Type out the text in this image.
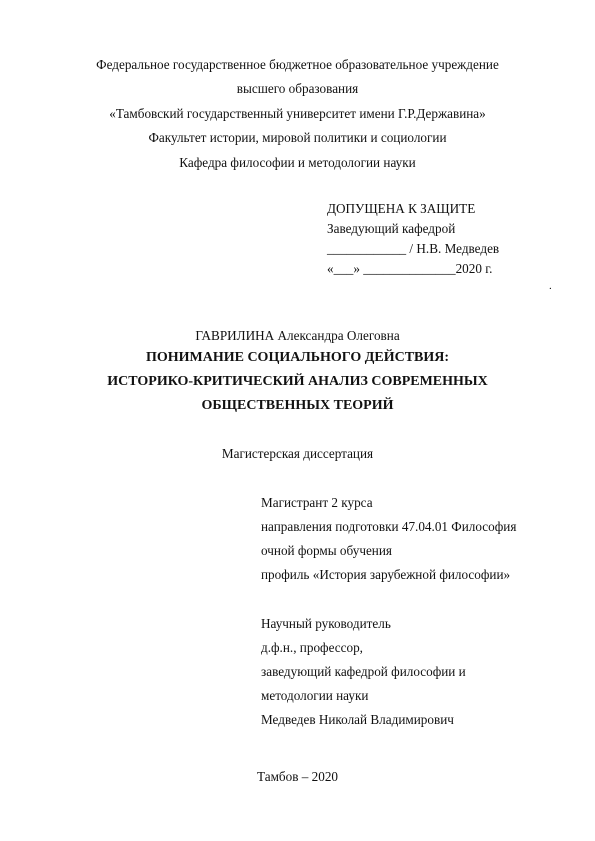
Федеральное государственное бюджетное образовательное учреждение
высшего образования
«Тамбовский государственный университет имени Г.Р.Державина»
Факультет истории, мировой политики и социологии
Кафедра философии и методологии науки
ДОПУЩЕНА К ЗАЩИТЕ
Заведующий кафедрой
____________ / Н.В. Медведев
«___» ______________2020 г.
.
ГАВРИЛИНА Александра Олеговна
ПОНИМАНИЕ СОЦИАЛЬНОГО ДЕЙСТВИЯ:
ИСТОРИКО-КРИТИЧЕСКИЙ АНАЛИЗ СОВРЕМЕННЫХ
ОБЩЕСТВЕННЫХ ТЕОРИЙ
Магистерская диссертация
Магистрант 2 курса
направления подготовки 47.04.01 Философия
очной формы обучения
профиль «История зарубежной философии»
Научный руководитель
д.ф.н., профессор,
заведующий кафедрой философии и
методологии науки
Медведев Николай Владимирович
Тамбов – 2020
